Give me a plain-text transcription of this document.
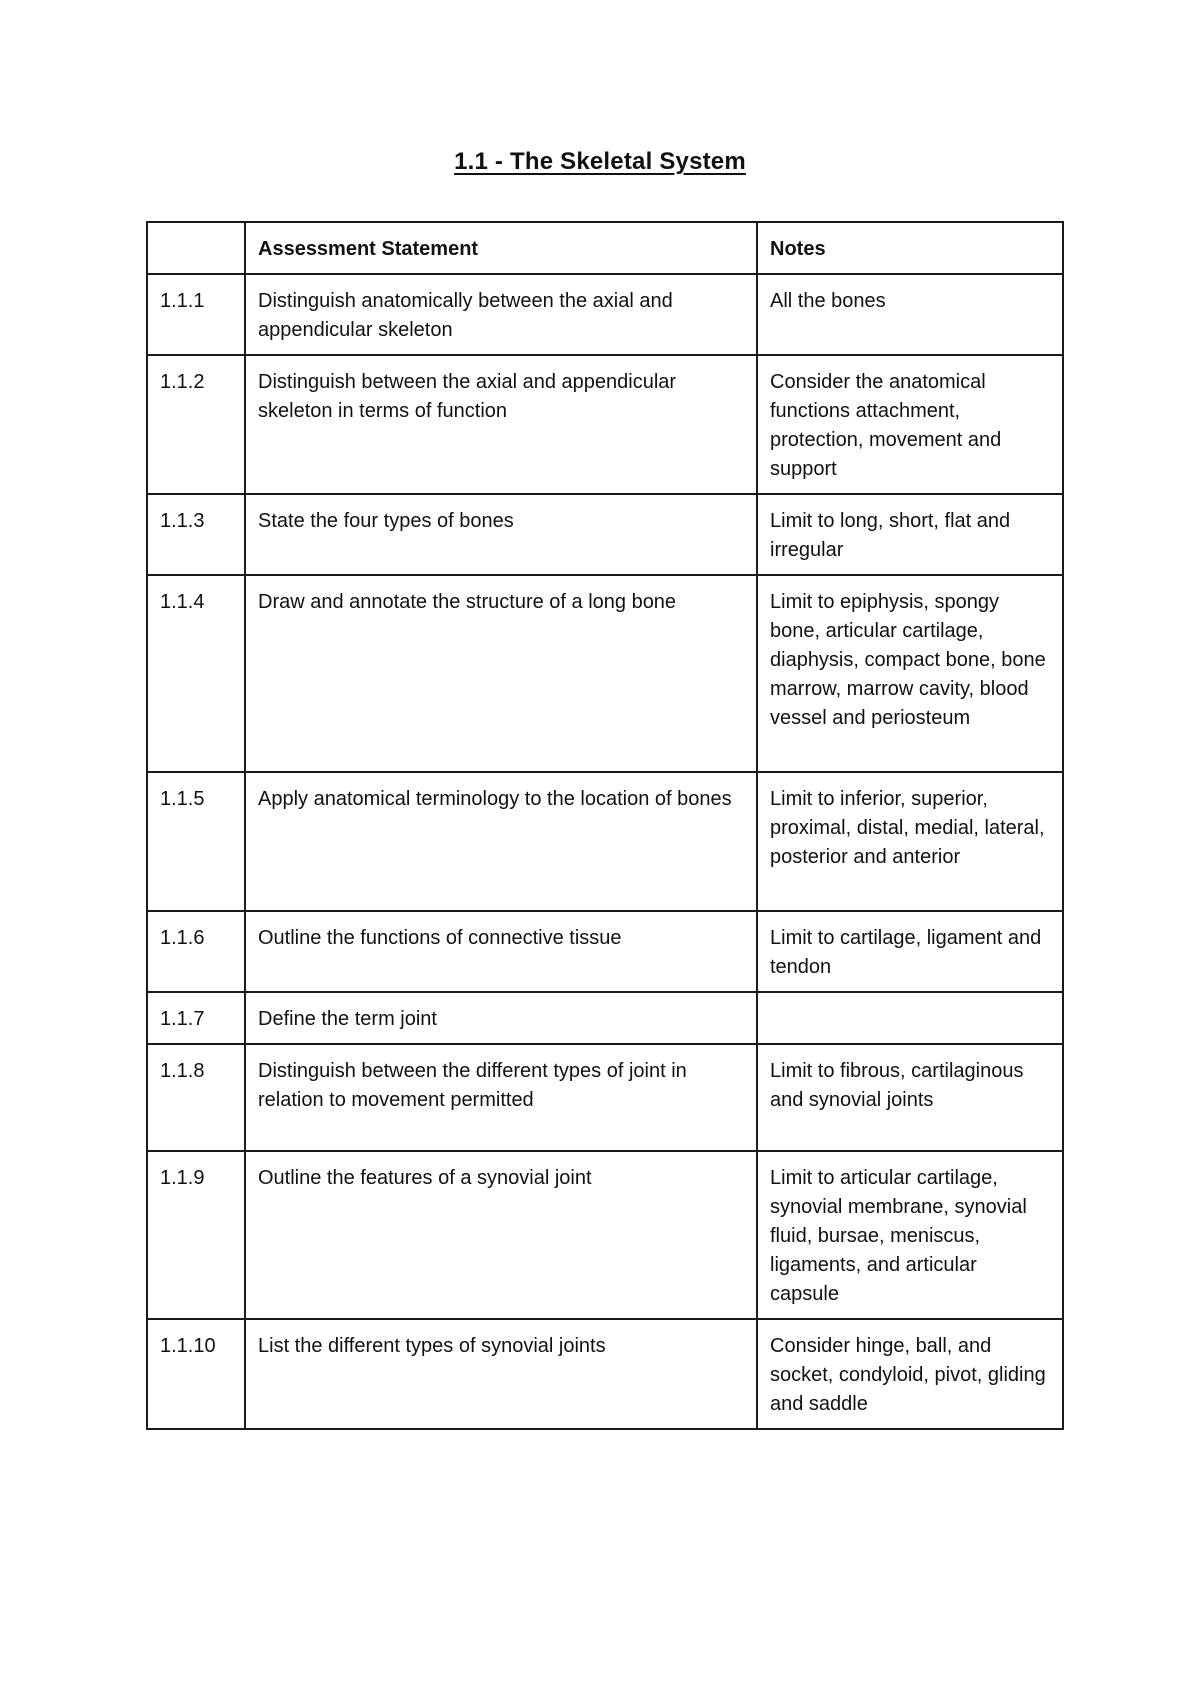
1.1 - The Skeletal System
	Assessment Statement	Notes
1.1.1	Distinguish anatomically between the axial and appendicular skeleton	All the bones
1.1.2	Distinguish between the axial and appendicular skeleton in terms of function	Consider the anatomical functions attachment, protection, movement and support
1.1.3	State the four types of bones	Limit to long, short, flat and irregular
1.1.4	Draw and annotate the structure of a long bone	Limit to epiphysis, spongy bone, articular cartilage, diaphysis, compact bone, bone marrow, marrow cavity, blood vessel and periosteum
1.1.5	Apply anatomical terminology to the location of bones	Limit to inferior, superior, proximal, distal, medial, lateral, posterior and anterior
1.1.6	Outline the functions of connective tissue	Limit to cartilage, ligament and tendon
1.1.7	Define the term joint	
1.1.8	Distinguish between the different types of joint in relation to movement permitted	Limit to fibrous, cartilaginous and synovial joints
1.1.9	Outline the features of a synovial joint	Limit to articular cartilage, synovial membrane, synovial fluid, bursae, meniscus, ligaments, and articular capsule
1.1.10	List the different types of synovial joints	Consider hinge, ball, and socket, condyloid, pivot, gliding and saddle
